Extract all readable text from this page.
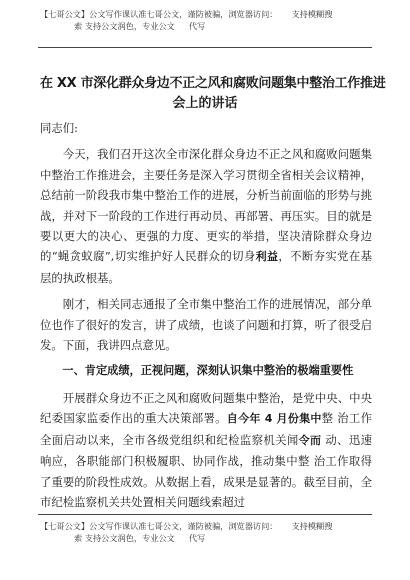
【七哥公文】公文写作课认准七哥公文，谨防被骗，浏览器访问： 支持模糊搜
索 支持公文润色，专业公文 代写
在 XX 市深化群众身边不正之风和腐败问题集中整治工作推进
会上的讲话

同志们:

今天，我们召开这次全市深化群众身边不正之风和腐败问题集中整治工作推进会，主要任务是深入学习贯彻全省相关会议精神，总结前一阶段我市集中整治工作的进展，分析当前面临的形势与挑战，并对下一阶段的工作进行再动员、再部署、再压实。目的就是要以更大的决心、更强的力度、更实的举措，坚决清除群众身边的“蝇贪蚁腐”,切实维护好人民群众的切身利益，不断夯实党在基层的执政根基。

刚才，相关同志通报了全市集中整治工作的进展情况，部分单位也作了很好的发言，讲了成绩，也谈了问题和打算，听了很受启发。下面，我讲四点意见。

一、肯定成绩，正视问题，深刻认识集中整治的极端重要性

开展群众身边不正之风和腐败问题集中整治，是党中央、中央纪委国家监委作出的重大决策部署。自今年 4 月份集中整 治工作全面启动以来，全市各级党组织和纪检监察机关闻令而 动、迅速响应，各职能部门积极履职、协同作战，推动集中整 治工作取得了重要的阶段性成效。从数据上看，成果是显著的。截至目前，全市纪检监察机关共处置相关问题线索超过

【七哥公文】公文写作课认准七哥公文，谨防被骗，浏览器访问： 支持模糊搜
索 支持公文润色，专业公文 代写
